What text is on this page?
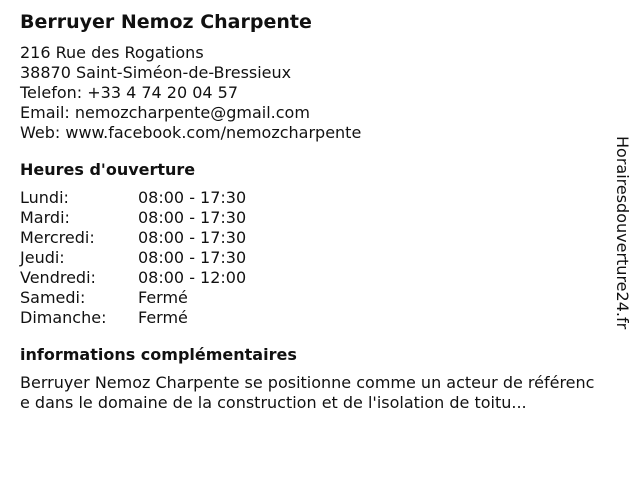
Berruyer Nemoz Charpente
216 Rue des Rogations
38870 Saint-Siméon-de-Bressieux
Telefon: +33 4 74 20 04 57
Email: nemozcharpente@gmail.com
Web: www.facebook.com/nemozcharpente
Heures d'ouverture
Lundi:	08:00 - 17:30
Mardi:	08:00 - 17:30
Mercredi:	08:00 - 17:30
Jeudi:	08:00 - 17:30
Vendredi:	08:00 - 12:00
Samedi:	Fermé
Dimanche:	Fermé
informations complémentaires
Berruyer Nemoz Charpente se positionne comme un acteur de référence dans le domaine de la construction et de l'isolation de toitu...
Horairesdouverture24.fr
